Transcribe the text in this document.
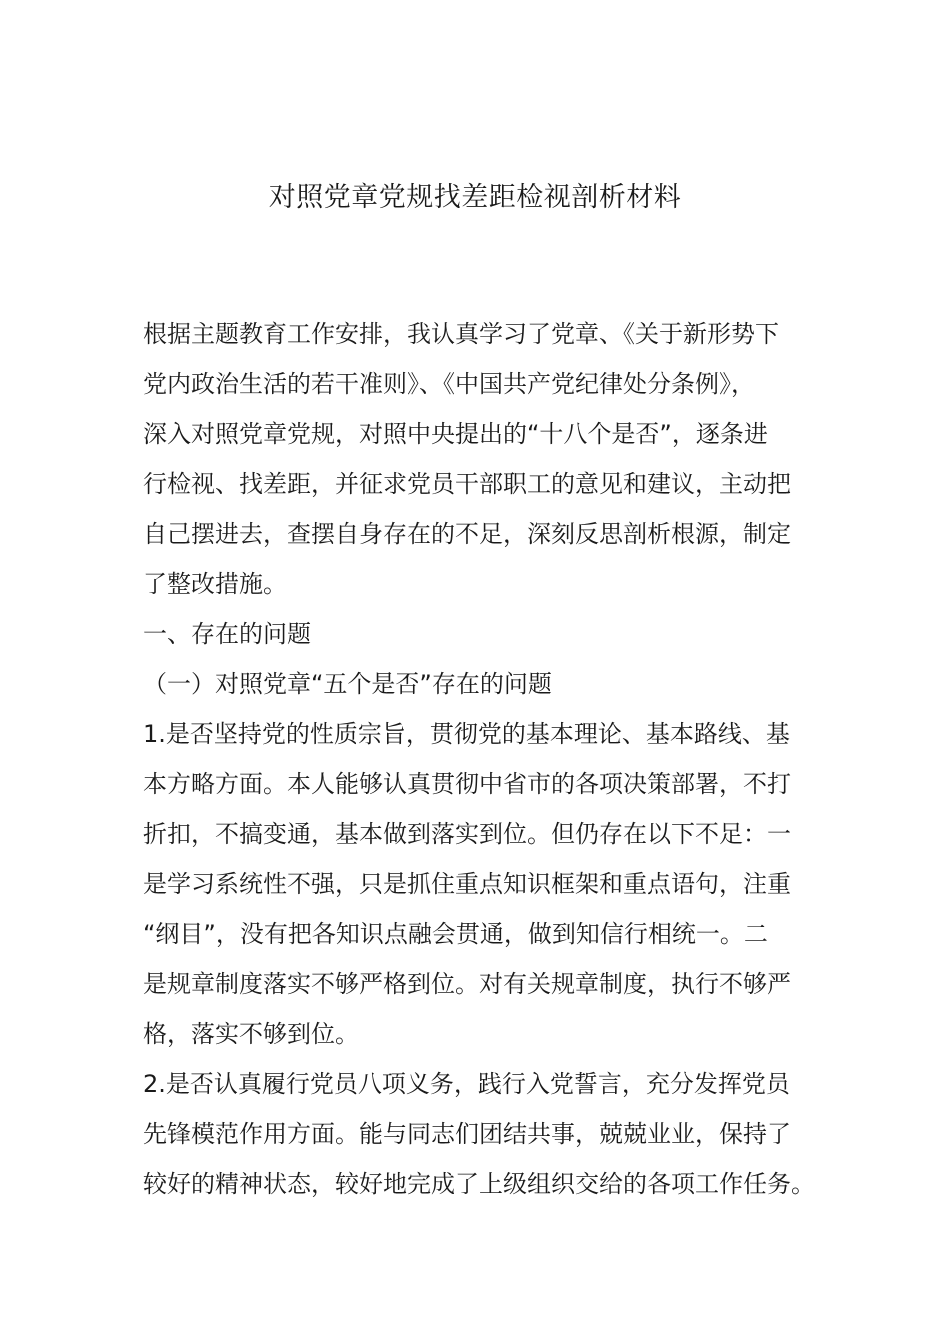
对照党章党规找差距检视剖析材料
根据主题教育工作安排，我认真学习了党章、《关于新形势下
党内政治生活的若干准则》、《中国共产党纪律处分条例》，
深入对照党章党规，对照中央提出的“十八个是否”，逐条进
行检视、找差距，并征求党员干部职工的意见和建议，主动把
自己摆进去，查摆自身存在的不足，深刻反思剖析根源，制定
了整改措施。
一、存在的问题
（一）对照党章“五个是否”存在的问题
1.是否坚持党的性质宗旨，贯彻党的基本理论、基本路线、基
本方略方面。本人能够认真贯彻中省市的各项决策部署，不打
折扣，不搞变通，基本做到落实到位。但仍存在以下不足：一
是学习系统性不强，只是抓住重点知识框架和重点语句，注重
“纲目”，没有把各知识点融会贯通，做到知信行相统一。二
是规章制度落实不够严格到位。对有关规章制度，执行不够严
格，落实不够到位。
2.是否认真履行党员八项义务，践行入党誓言，充分发挥党员
先锋模范作用方面。能与同志们团结共事，兢兢业业，保持了
较好的精神状态，较好地完成了上级组织交给的各项工作任务。
